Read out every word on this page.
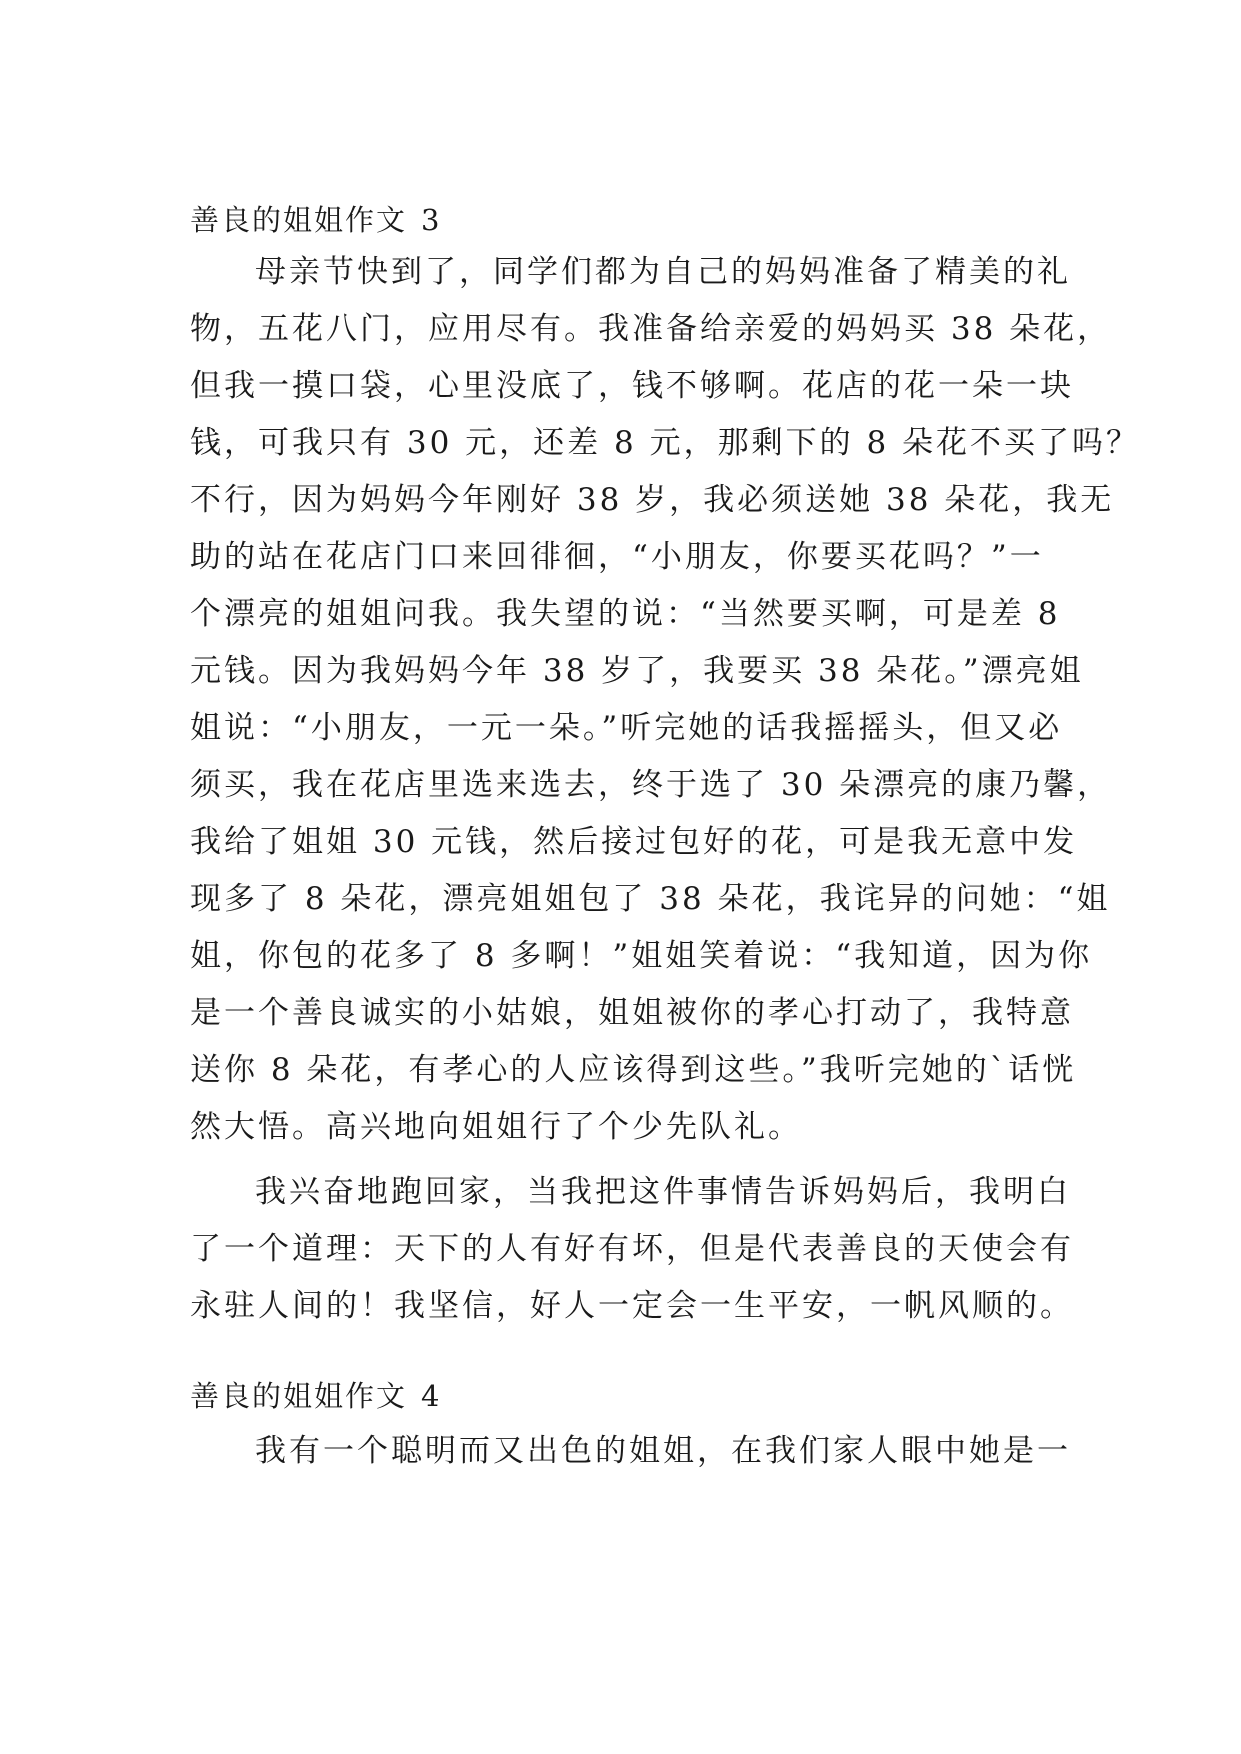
善良的姐姐作文 3
母亲节快到了，同学们都为自己的妈妈准备了精美的礼
物，五花八门，应用尽有。我准备给亲爱的妈妈买 38 朵花，
但我一摸口袋，心里没底了，钱不够啊。花店的花一朵一块
钱，可我只有 30 元，还差 8 元，那剩下的 8 朵花不买了吗？
不行，因为妈妈今年刚好 38 岁，我必须送她 38 朵花，我无
助的站在花店门口来回徘徊，“小朋友，你要买花吗？”一
个漂亮的姐姐问我。我失望的说：“当然要买啊，可是差 8
元钱。因为我妈妈今年 38 岁了，我要买 38 朵花。”漂亮姐
姐说：“小朋友，一元一朵。”听完她的话我摇摇头，但又必
须买，我在花店里选来选去，终于选了 30 朵漂亮的康乃馨，
我给了姐姐 30 元钱，然后接过包好的花，可是我无意中发
现多了 8 朵花，漂亮姐姐包了 38 朵花，我诧异的问她：“姐
姐，你包的花多了 8 多啊！”姐姐笑着说：“我知道，因为你
是一个善良诚实的小姑娘，姐姐被你的孝心打动了，我特意
送你 8 朵花，有孝心的人应该得到这些。”我听完她的`话恍
然大悟。高兴地向姐姐行了个少先队礼。
我兴奋地跑回家，当我把这件事情告诉妈妈后，我明白
了一个道理：天下的人有好有坏，但是代表善良的天使会有
永驻人间的！我坚信，好人一定会一生平安，一帆风顺的。
善良的姐姐作文 4
我有一个聪明而又出色的姐姐，在我们家人眼中她是一
